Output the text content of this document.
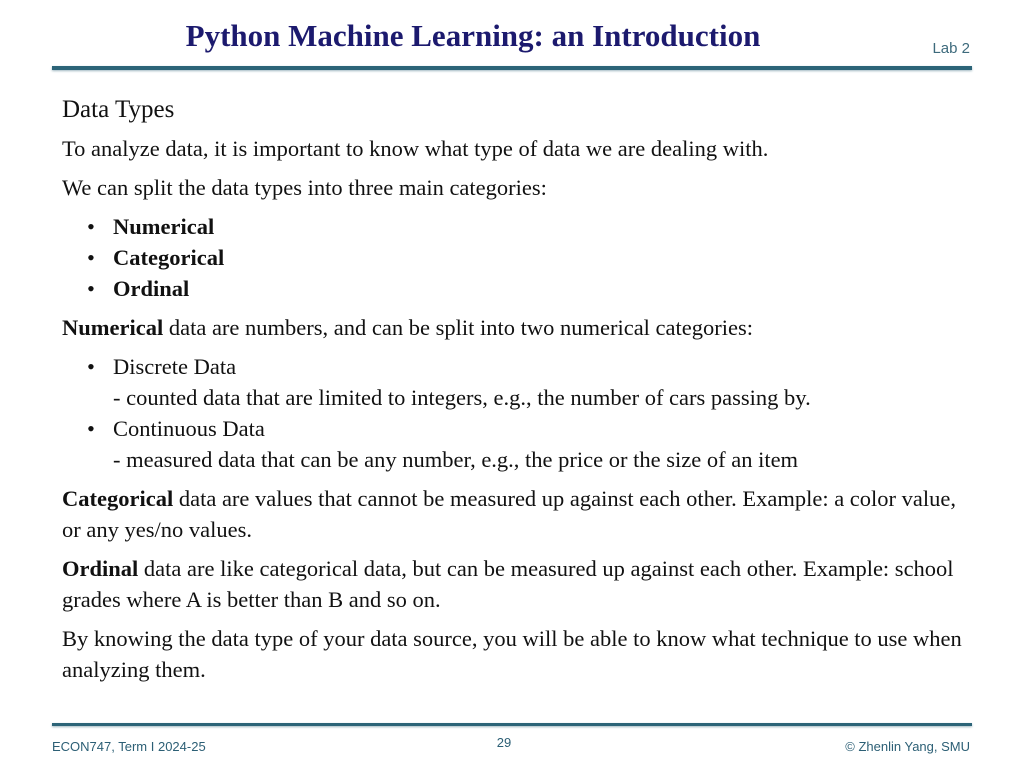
Python Machine Learning: an Introduction	Lab 2
Data Types

To analyze data, it is important to know what type of data we are dealing with.

We can split the data types into three main categories:

• Numerical
• Categorical
• Ordinal

Numerical data are numbers, and can be split into two numerical categories:

• Discrete Data
- counted data that are limited to integers, e.g., the number of cars passing by.
• Continuous Data
- measured data that can be any number, e.g., the price or the size of an item

Categorical data are values that cannot be measured up against each other. Example: a color value, or any yes/no values.

Ordinal data are like categorical data, but can be measured up against each other. Example: school grades where A is better than B and so on.

By knowing the data type of your data source, you will be able to know what technique to use when analyzing them.

ECON747, Term I 2024-25	29	© Zhenlin Yang, SMU
